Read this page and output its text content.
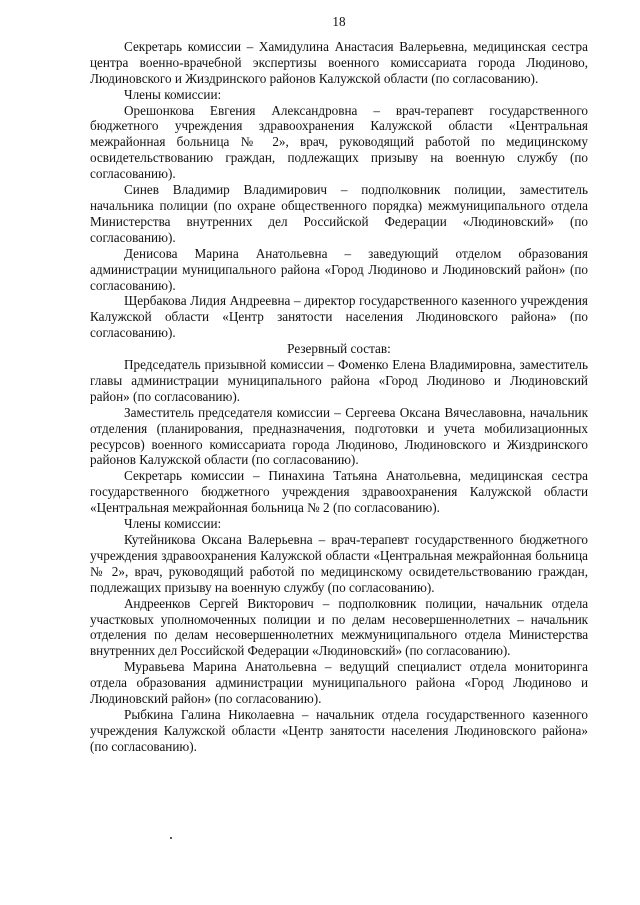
18

Секретарь комиссии – Хамидулина Анастасия Валерьевна, медицинская сестра центра военно-врачебной экспертизы военного комиссариата города Людиново, Людиновского и Жиздринского районов Калужской области (по согласованию).

Члены комиссии:

Орешонкова Евгения Александровна – врач-терапевт государственного бюджетного учреждения здравоохранения Калужской области «Центральная межрайонная больница № 2», врач, руководящий работой по медицинскому освидетельствованию граждан, подлежащих призыву на военную службу (по согласованию).

Синев Владимир Владимирович – подполковник полиции, заместитель начальника полиции (по охране общественного порядка) межмуниципального отдела Министерства внутренних дел Российской Федерации «Людиновский» (по согласованию).

Денисова Марина Анатольевна – заведующий отделом образования администрации муниципального района «Город Людиново и Людиновский район» (по согласованию).

Щербакова Лидия Андреевна – директор государственного казенного учреждения Калужской области «Центр занятости населения Людиновского района» (по согласованию).

Резервный состав:

Председатель призывной комиссии – Фоменко Елена Владимировна, заместитель главы администрации муниципального района «Город Людиново и Людиновский район» (по согласованию).

Заместитель председателя комиссии – Сергеева Оксана Вячеславовна, начальник отделения (планирования, предназначения, подготовки и учета мобилизационных ресурсов) военного комиссариата города Людиново, Людиновского и Жиздринского районов Калужской области (по согласованию).

Секретарь комиссии – Пинахина Татьяна Анатольевна, медицинская сестра государственного бюджетного учреждения здравоохранения Калужской области «Центральная межрайонная больница № 2 (по согласованию).

Члены комиссии:

Кутейникова Оксана Валерьевна – врач-терапевт государственного бюджетного учреждения здравоохранения Калужской области «Центральная межрайонная больница № 2», врач, руководящий работой по медицинскому освидетельствованию граждан, подлежащих призыву на военную службу (по согласованию).

Андреенков Сергей Викторович – подполковник полиции, начальник отдела участковых уполномоченных полиции и по делам несовершеннолетних – начальник отделения по делам несовершеннолетних межмуниципального отдела Министерства внутренних дел Российской Федерации «Людиновский» (по согласованию).

Муравьева Марина Анатольевна – ведущий специалист отдела мониторинга отдела образования администрации муниципального района «Город Людиново и Людиновский район» (по согласованию).

Рыбкина Галина Николаевна – начальник отдела государственного казенного учреждения Калужской области «Центр занятости населения Людиновского района» (по согласованию).
